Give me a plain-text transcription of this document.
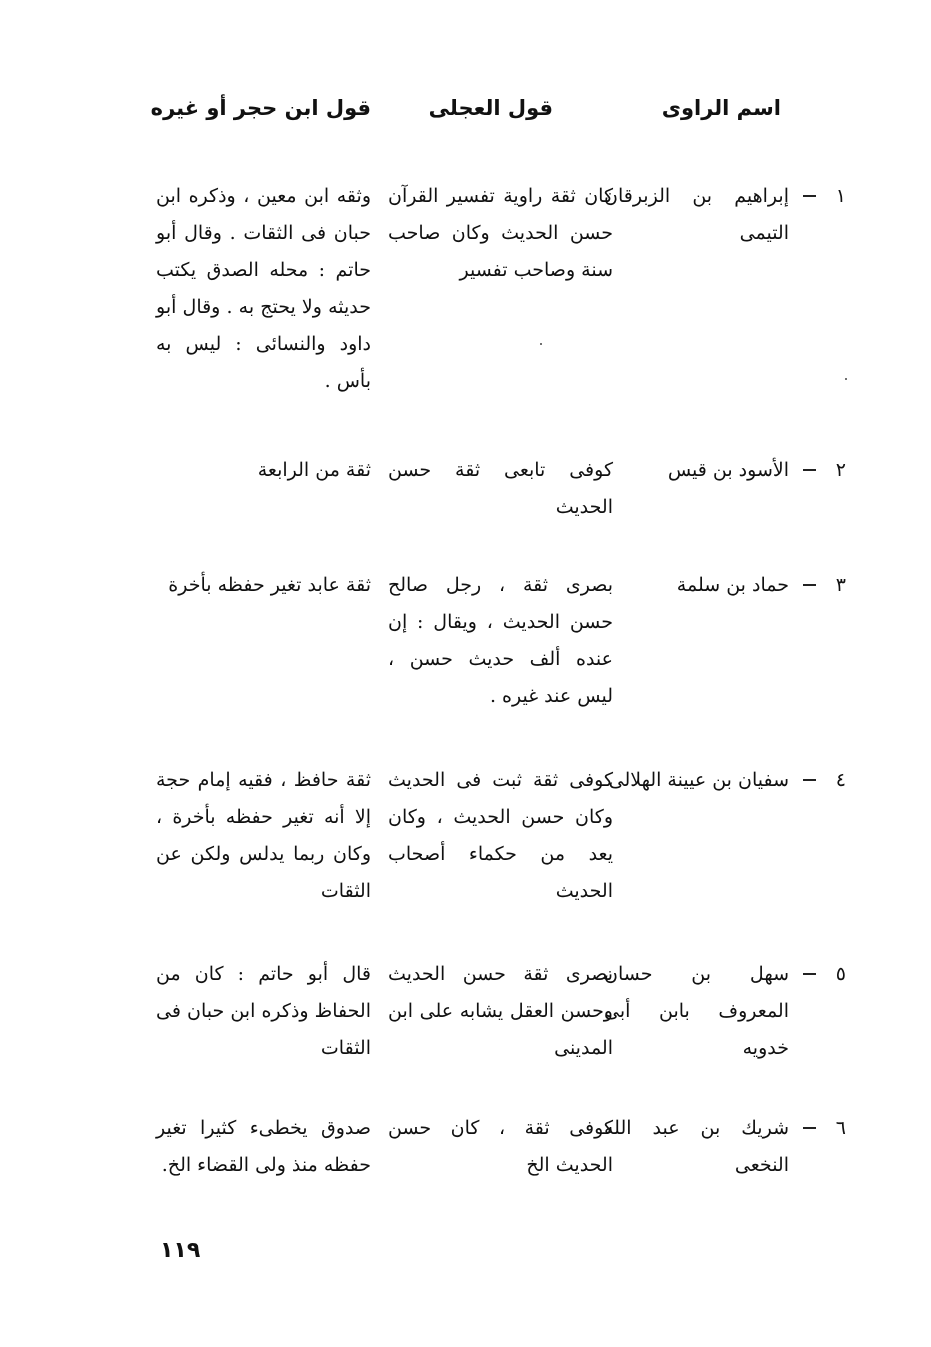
اسم الراوى
قول العجلى
قول ابن حجر أو غيره
١
إبراهيم بن الزبرقان التيمى
كان ثقة راوية تفسير القرآن حسن الحديث وكان صاحب سنة وصاحب تفسير
وثقه ابن معين ، وذكره ابن حبان فى الثقات . وقال أبو حاتم : محله الصدق يكتب حديثه ولا يحتج به . وقال أبو داود والنسائى : ليس به بأس .
٢
الأسود بن قيس
كوفى تابعى ثقة حسن الحديث
ثقة من الرابعة
٣
حماد بن سلمة
بصرى ثقة ، رجل صالح حسن الحديث ، ويقال : إن عنده ألف حديث حسن ، ليس عند غيره .
ثقة عابد تغير حفظه بأخرة
٤
سفيان بن عيينة الهلالى
كوفى ثقة ثبت فى الحديث وكان حسن الحديث ، وكان يعد من حكماء أصحاب الحديث
ثقة حافظ ، فقيه إمام حجة إلا أنه تغير حفظه بأخرة ، وكان ربما يدلس ولكن عن الثقات
٥
سهل بن حسان المعروف بابن أبى خدويه
بصرى ثقة حسن الحديث وحسن العقل يشابه على ابن المدينى
قال أبو حاتم : كان من الحفاظ وذكره ابن حبان فى الثقات
٦
شريك بن عبد الله النخعى
كوفى ثقة ، كان حسن الحديث الخ
صدوق يخطىء كثيرا تغير حفظه منذ ولى القضاء الخ.
١١٩
